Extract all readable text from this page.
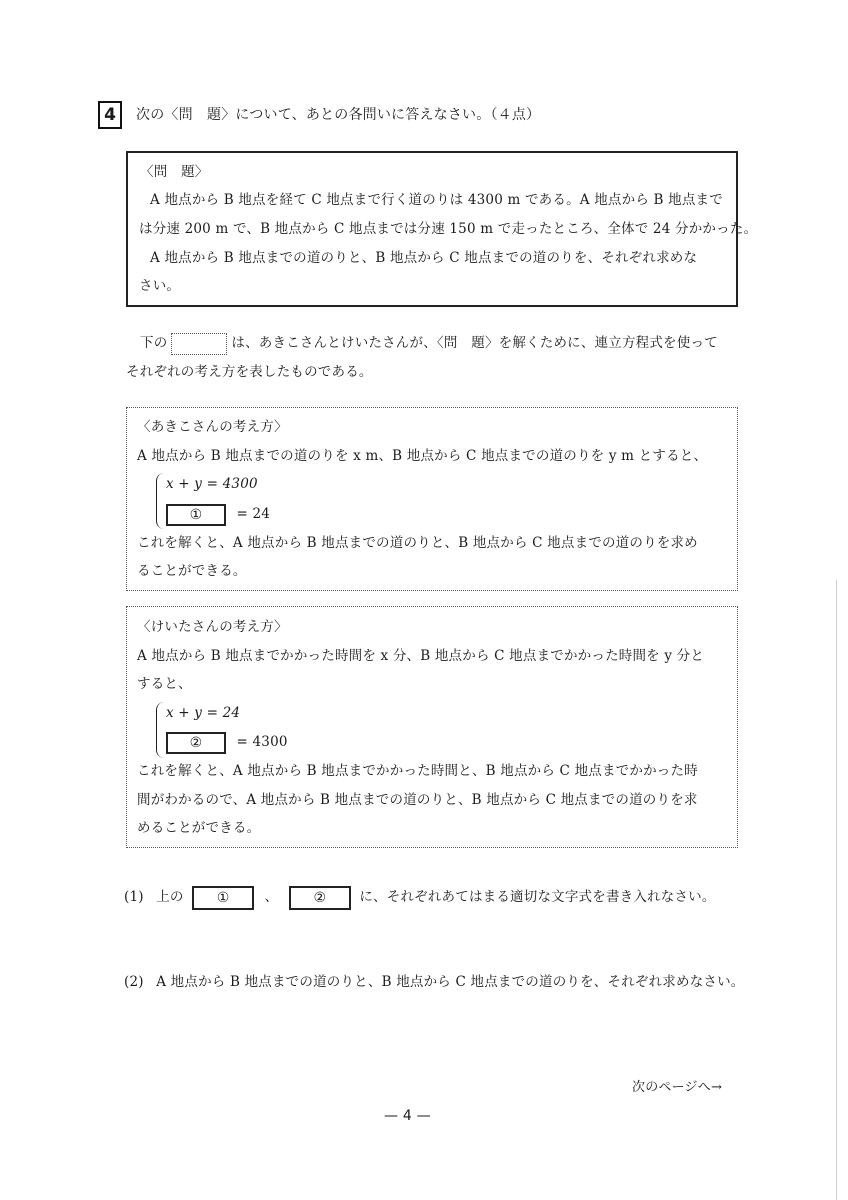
4 次の〈問　題〉について、あとの各問いに答えなさい。（４点）
〈問　題〉
A 地点から B 地点を経て C 地点まで行く道のりは 4300 m である。A 地点から B 地点まで
は分速 200 m で、B 地点から C 地点までは分速 150 m で走ったところ、全体で 24 分かかった。
A 地点から B 地点までの道のりと、B 地点から C 地点までの道のりを、それぞれ求めな
さい。
下の	は、あきこさんとけいたさんが、〈問　題〉を解くために、連立方程式を使って
それぞれの考え方を表したものである。
〈あきこさんの考え方〉
A 地点から B 地点までの道のりを x m、B 地点から C 地点までの道のりを y m とすると、
x + y = 4300
①	= 24
これを解くと、A 地点から B 地点までの道のりと、B 地点から C 地点までの道のりを求め
ることができる。
〈けいたさんの考え方〉
A 地点から B 地点までかかった時間を x 分、B 地点から C 地点までかかった時間を y 分と
すると、
x + y = 24
②	= 4300
これを解くと、A 地点から B 地点までかかった時間と、B 地点から C 地点までかかった時
間がわかるので、A 地点から B 地点までの道のりと、B 地点から C 地点までの道のりを求
めることができる。
(1) 上の ①	、	② に、それぞれあてはまる適切な文字式を書き入れなさい。
(2) A 地点から B 地点までの道のりと、B 地点から C 地点までの道のりを、それぞれ求めなさい。
次のページへ→
— 4 —
